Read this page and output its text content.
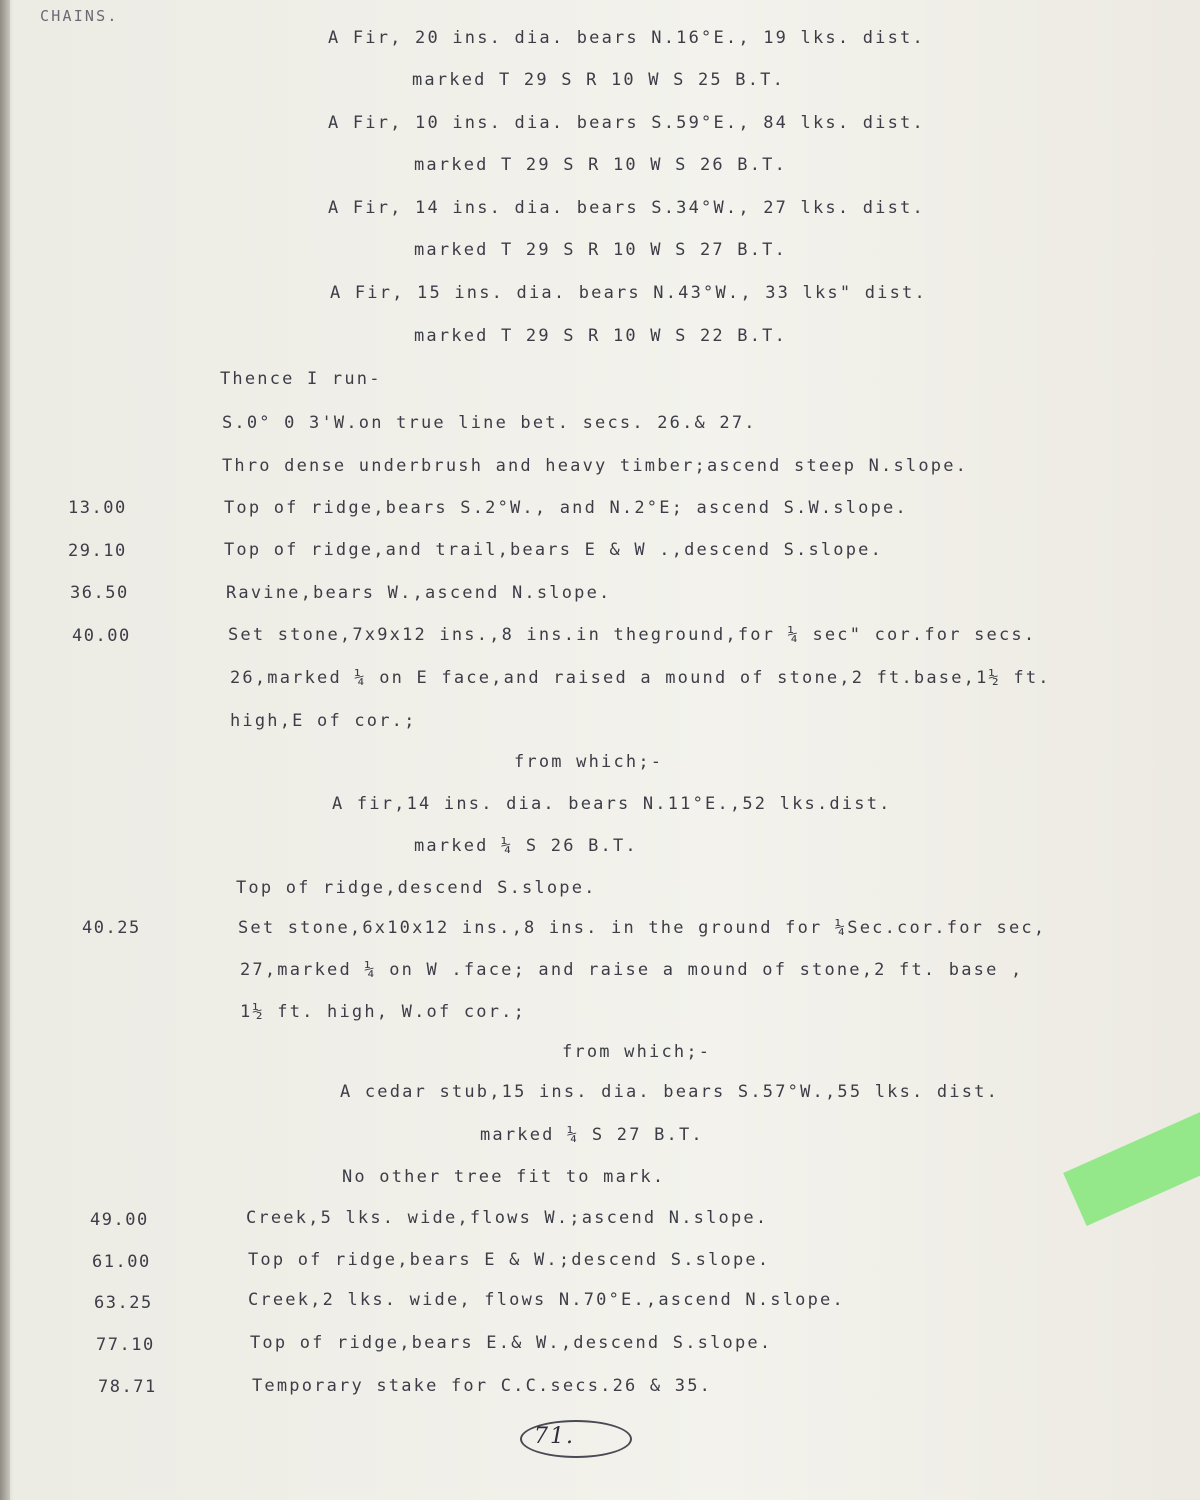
CHAINS.
A Fir, 20 ins. dia. bears N.16°E., 19 lks. dist.
marked T 29 S R 10 W S 25 B.T.
A Fir, 10 ins. dia. bears S.59°E., 84 lks. dist.
marked T 29 S R 10 W S 26 B.T.
A Fir, 14 ins. dia. bears S.34°W., 27 lks. dist.
marked T 29 S R 10 W S 27 B.T.
A Fir, 15 ins. dia. bears N.43°W., 33 lks" dist.
marked T 29 S R 10 W S 22 B.T.
Thence I run-
S.0° 0 3'W.on true line bet. secs. 26.& 27.
Thro dense underbrush and heavy timber;ascend steep N.slope.
Top of ridge,bears S.2°W., and N.2°E; ascend S.W.slope.
Top of ridge,and trail,bears E & W .,descend S.slope.
Ravine,bears W.,ascend N.slope.
Set stone,7x9x12 ins.,8 ins.in theground,for ¼ sec" cor.for secs.
26,marked ¼ on E face,and raised a mound of stone,2 ft.base,1½ ft.
high,E of cor.;
from which;-
A fir,14 ins. dia. bears N.11°E.,52 lks.dist.
marked ¼ S 26 B.T.
Top of ridge,descend S.slope.
Set stone,6x10x12 ins.,8 ins. in the ground for ¼Sec.cor.for sec,
27,marked ¼ on W .face; and raise a mound of stone,2 ft. base ,
1½ ft. high, W.of cor.;
from which;-
A cedar stub,15 ins. dia. bears S.57°W.,55 lks. dist.
marked ¼ S 27 B.T.
No other tree fit to mark.
Creek,5 lks. wide,flows W.;ascend N.slope.
Top of ridge,bears E & W.;descend S.slope.
Creek,2 lks. wide, flows N.70°E.,ascend N.slope.
Top of ridge,bears E.& W.,descend S.slope.
Temporary stake for C.C.secs.26 & 35.
13.00
29.10
36.50
40.00
40.25
49.00
61.00
63.25
77.10
78.71
71.
